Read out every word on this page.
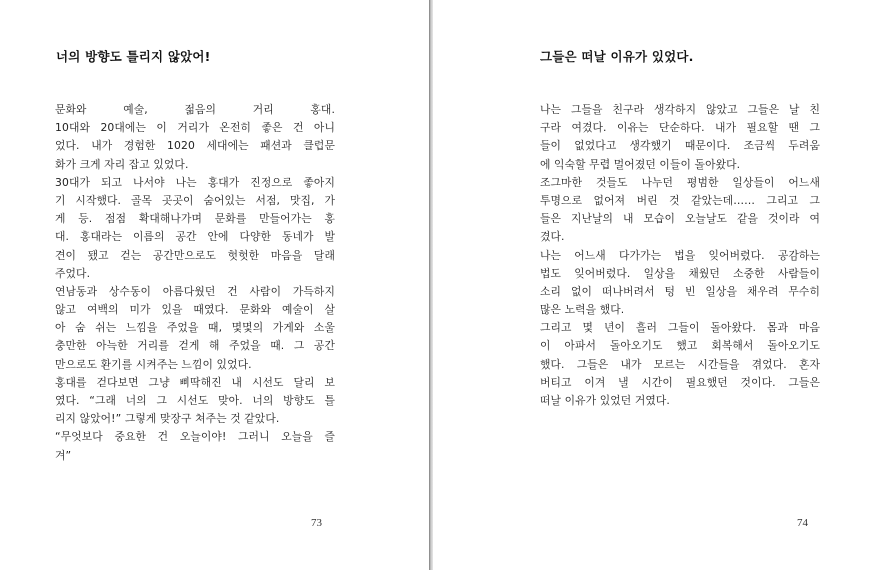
너의 방향도 틀리지 않았어!
문화와 예술, 젊음의 거리 홍대.
10대와 20대에는 이 거리가 온전히 좋은 건 아니
었다. 내가 경험한 1020 세대에는 패션과 클럽문
화가 크게 자리 잡고 있었다.
30대가 되고 나서야 나는 홍대가 진정으로 좋아지
기 시작했다. 골목 곳곳이 숨어있는 서점, 맛집, 가
게 등. 점점 확대해나가며 문화를 만들어가는 홍
대. 홍대라는 이름의 공간 안에 다양한 동네가 발
견이 됐고 걷는 공간만으로도 헛헛한 마음을 달래
주었다.
연남동과 상수동이 아름다웠던 건 사람이 가득하지
않고 여백의 미가 있을 때였다. 문화와 예술이 살
아 숨 쉬는 느낌을 주었을 때, 몇몇의 가게와 소울
충만한 아늑한 거리를 걷게 해 주었을 때. 그 공간
만으로도 환기를 시켜주는 느낌이 있었다.
홍대를 걷다보면 그냥 삐딱해진 내 시선도 달리 보
였다. “그래 너의 그 시선도 맞아. 너의 방향도 틀
리지 않았어!” 그렇게 맞장구 쳐주는 것 같았다.
“무엇보다 중요한 건 오늘이야! 그러니 오늘을 즐
겨”
73
그들은 떠날 이유가 있었다.
나는 그들을 친구라 생각하지 않았고 그들은 날 친
구라 여겼다. 이유는 단순하다. 내가 필요할 땐 그
들이 없었다고 생각했기 때문이다. 조금씩 두려움
에 익숙할 무렵 멀어졌던 이들이 돌아왔다.
조그마한 것들도 나누던 평범한 일상들이 어느새
투명으로 없어져 버린 것 같았는데…… 그리고 그
들은 지난날의 내 모습이 오늘날도 같을 것이라 여
겼다.
나는 어느새 다가가는 법을 잊어버렸다. 공감하는
법도 잊어버렸다. 일상을 채웠던 소중한 사람들이
소리 없이 떠나버려서 텅 빈 일상을 채우려 무수히
많은 노력을 했다.
그리고 몇 년이 흘러 그들이 돌아왔다. 몸과 마음
이 아파서 돌아오기도 했고 회복해서 돌아오기도
했다. 그들은 내가 모르는 시간들을 겪었다. 혼자
버티고 이겨 낼 시간이 필요했던 것이다. 그들은
떠날 이유가 있었던 거였다.
74
